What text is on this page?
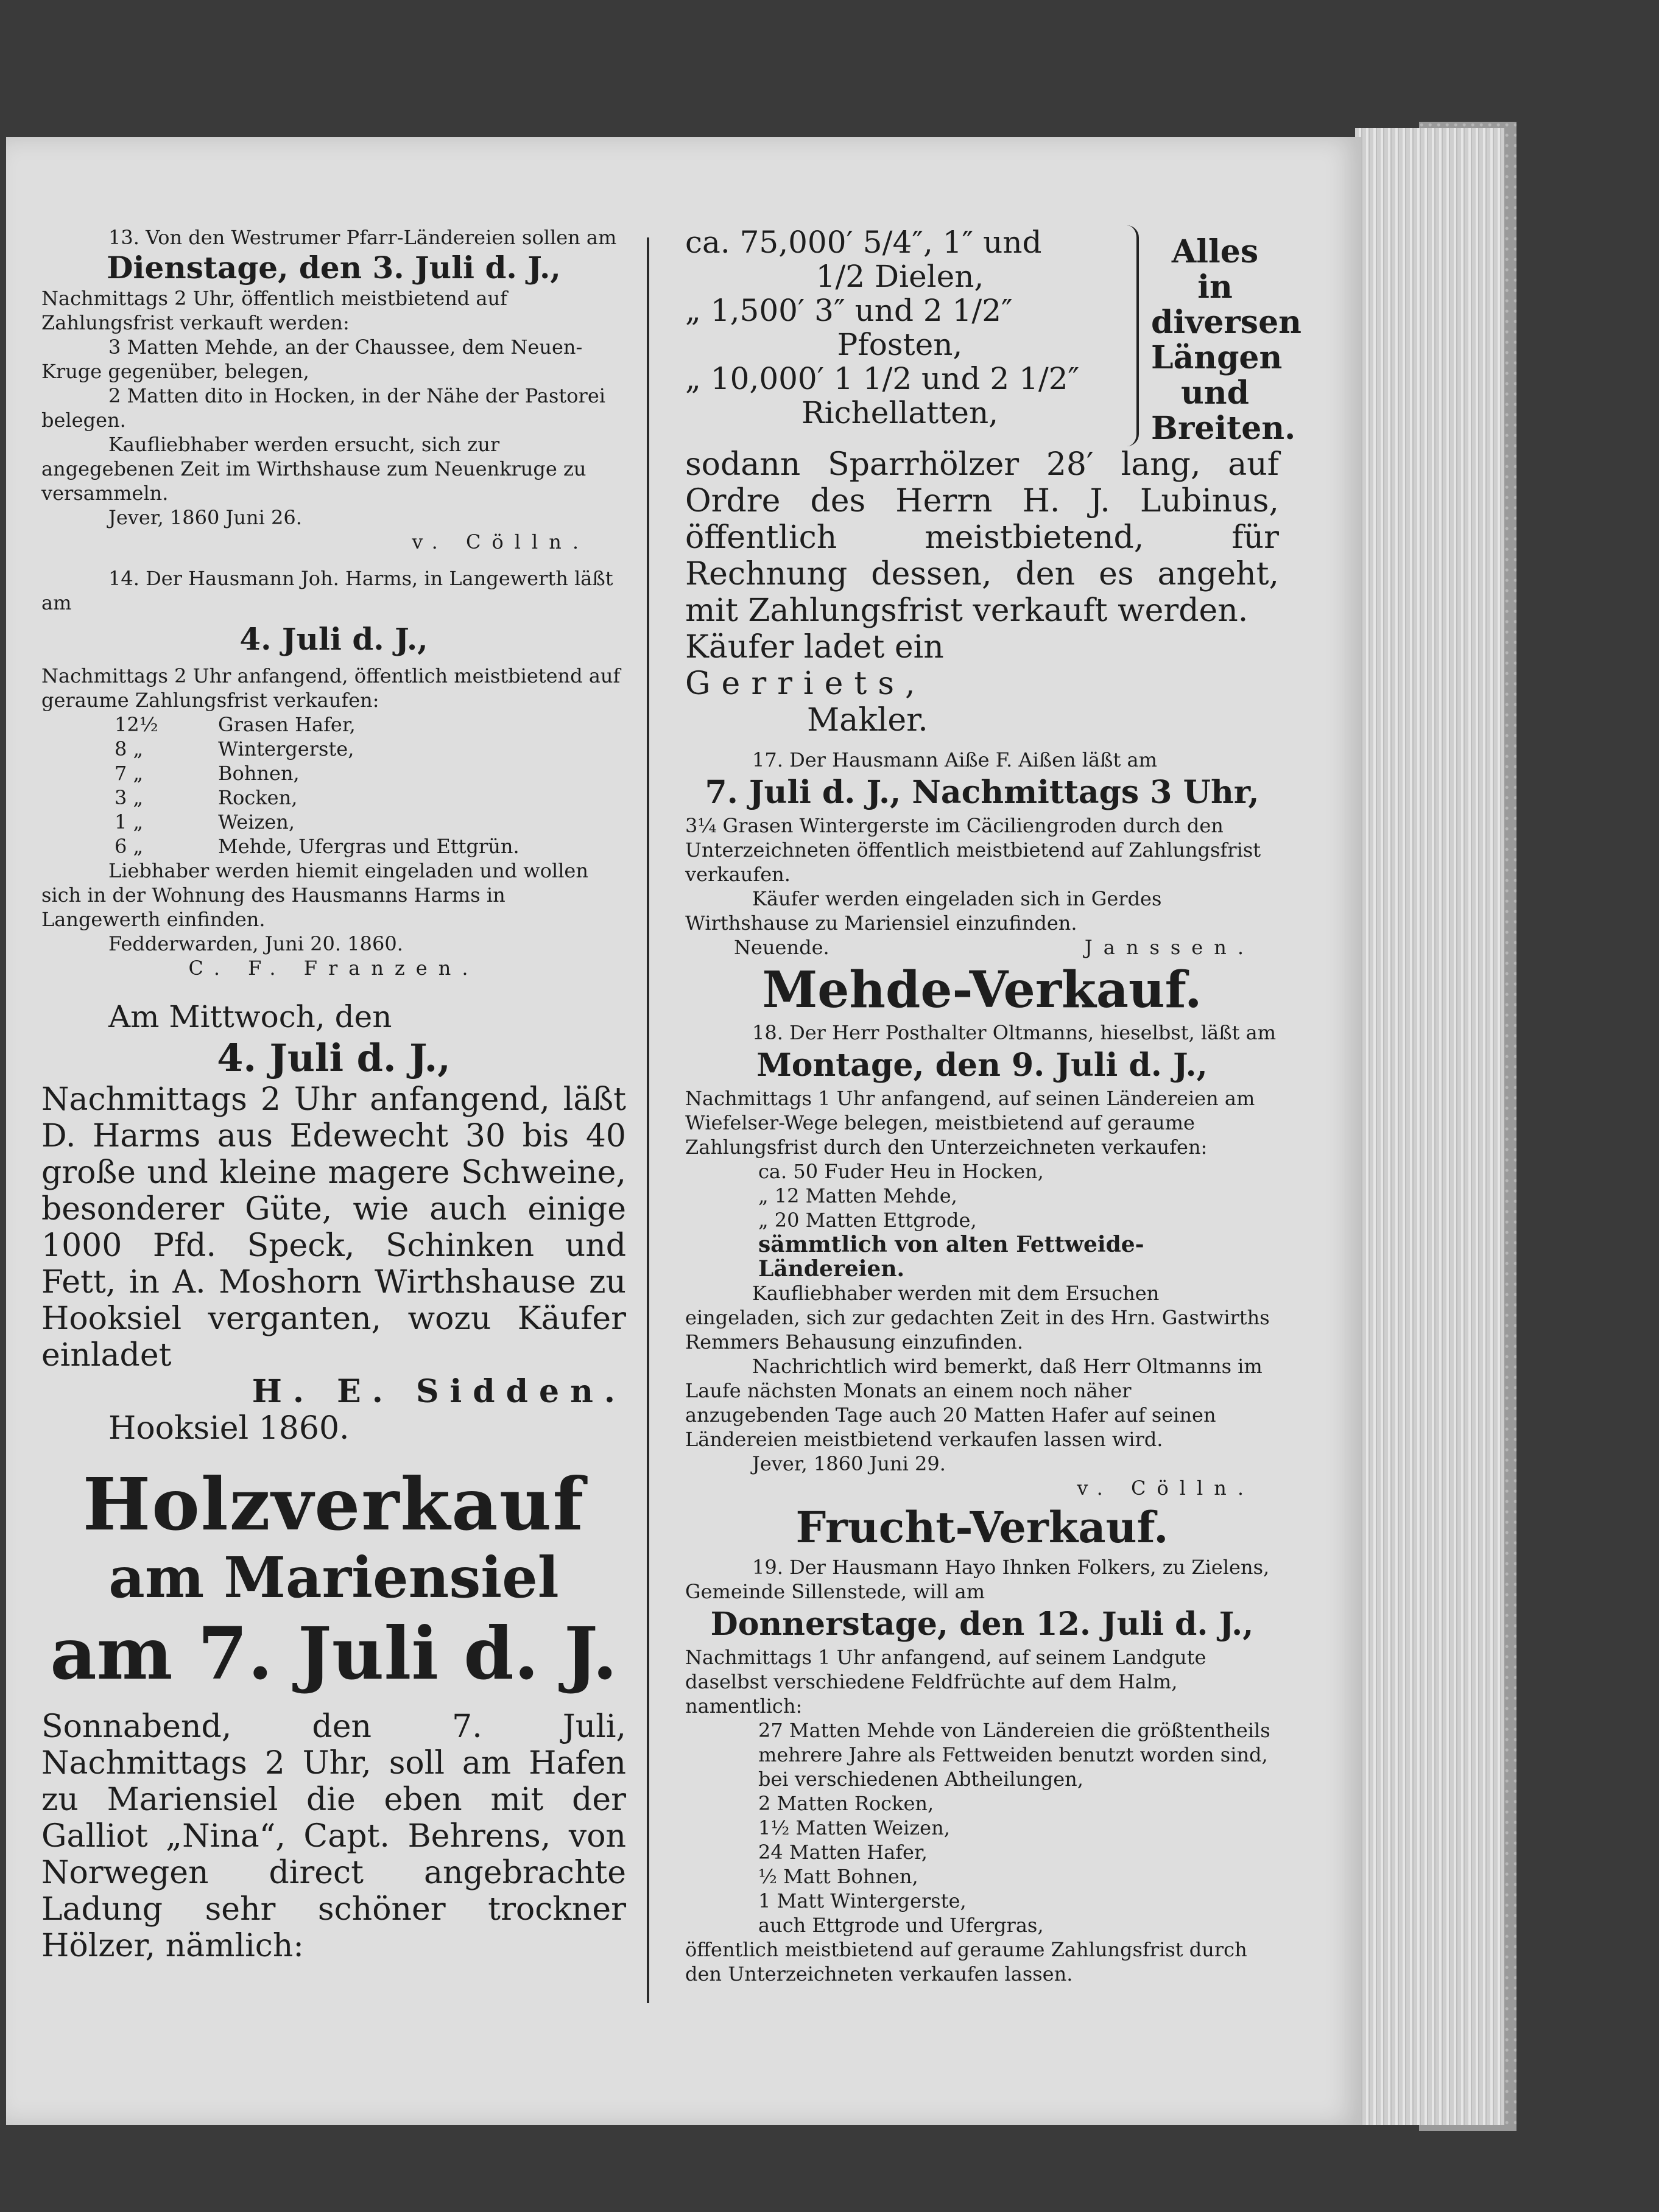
13. Von den Westrumer Pfarr-Ländereien sollen am

Dienstage, den 3. Juli d. J.,

Nachmittags 2 Uhr, öffentlich meistbietend auf Zahlungsfrist verkauft werden:

3 Matten Mehde, an der Chaussee, dem Neuen-Kruge gegenüber, belegen,

2 Matten dito in Hocken, in der Nähe der Pastorei belegen.

Kaufliebhaber werden ersucht, sich zur angegebenen Zeit im Wirthshause zum Neuenkruge zu versammeln.

Jever, 1860 Juni 26.

v. Cölln.

14. Der Hausmann Joh. Harms, in Langewerth läßt am

4. Juli d. J.,

Nachmittags 2 Uhr anfangend, öffentlich meistbietend auf geraume Zahlungsfrist verkaufen:

12½	Grasen Hafer,
8 „	Wintergerste,
7 „	Bohnen,
3 „	Rocken,
1 „	Weizen,
6 „	Mehde, Ufergras und Ettgrün.

Liebhaber werden hiemit eingeladen und wollen sich in der Wohnung des Hausmanns Harms in Langewerth einfinden.

Fedderwarden, Juni 20. 1860.

C. F. Franzen.

Am Mittwoch, den

4. Juli d. J.,

Nachmittags 2 Uhr anfangend, läßt D. Harms aus Edewecht 30 bis 40 große und kleine magere Schweine, besonderer Güte, wie auch einige 1000 Pfd. Speck, Schinken und Fett, in A. Moshorn Wirthshause zu Hooksiel verganten, wozu Käufer einladet

H. E. Sidden.

Hooksiel 1860.

Holzverkauf

am Mariensiel

am 7. Juli d. J.

Sonnabend, den 7. Juli, Nachmittags 2 Uhr, soll am Hafen zu Mariensiel die eben mit der Galliot „Nina“, Capt. Behrens, von Norwegen direct angebrachte Ladung sehr schöner trockner Hölzer, nämlich:

ca. 75,000′ 5/4″, 1″ und

1/2 Dielen,

„ 1,500′ 3″ und 2 1/2″

Pfosten,

„ 10,000′ 1 1/2 und 2 1/2″

Richellatten,

Alles in diversen Längen und Breiten.

sodann Sparrhölzer 28′ lang, auf Ordre des Herrn H. J. Lubinus, öffentlich meistbietend, für Rechnung dessen, den es angeht, mit Zahlungsfrist verkauft werden.

Käufer ladet ein

Gerriets,

Makler.

17. Der Hausmann Aiße F. Aißen läßt am

7. Juli d. J., Nachmittags 3 Uhr,

3¼ Grasen Wintergerste im Cäciliengroden durch den Unterzeichneten öffentlich meistbietend auf Zahlungsfrist verkaufen.

Käufer werden eingeladen sich in Gerdes Wirthshause zu Mariensiel einzufinden.

Neuende.	Janssen.

Mehde-Verkauf.

18. Der Herr Posthalter Oltmanns, hieselbst, läßt am

Montage, den 9. Juli d. J.,

Nachmittags 1 Uhr anfangend, auf seinen Ländereien am Wiefelser-Wege belegen, meistbietend auf geraume Zahlungsfrist durch den Unterzeichneten verkaufen:

ca. 50 Fuder Heu in Hocken,

„ 12 Matten Mehde,

„ 20 Matten Ettgrode,

sämmtlich von alten Fettweide-Ländereien.

Kaufliebhaber werden mit dem Ersuchen eingeladen, sich zur gedachten Zeit in des Hrn. Gastwirths Remmers Behausung einzufinden.

Nachrichtlich wird bemerkt, daß Herr Oltmanns im Laufe nächsten Monats an einem noch näher anzugebenden Tage auch 20 Matten Hafer auf seinen Ländereien meistbietend verkaufen lassen wird.

Jever, 1860 Juni 29.

v. Cölln.

Frucht-Verkauf.

19. Der Hausmann Hayo Ihnken Folkers, zu Zielens, Gemeinde Sillenstede, will am

Donnerstage, den 12. Juli d. J.,

Nachmittags 1 Uhr anfangend, auf seinem Landgute daselbst verschiedene Feldfrüchte auf dem Halm, namentlich:

27 Matten Mehde von Ländereien die größtentheils mehrere Jahre als Fettweiden benutzt worden sind, bei verschiedenen Abtheilungen,

2 Matten Rocken,

1½ Matten Weizen,

24 Matten Hafer,

½ Matt Bohnen,

1 Matt Wintergerste,

auch Ettgrode und Ufergras,

öffentlich meistbietend auf geraume Zahlungsfrist durch den Unterzeichneten verkaufen lassen.
